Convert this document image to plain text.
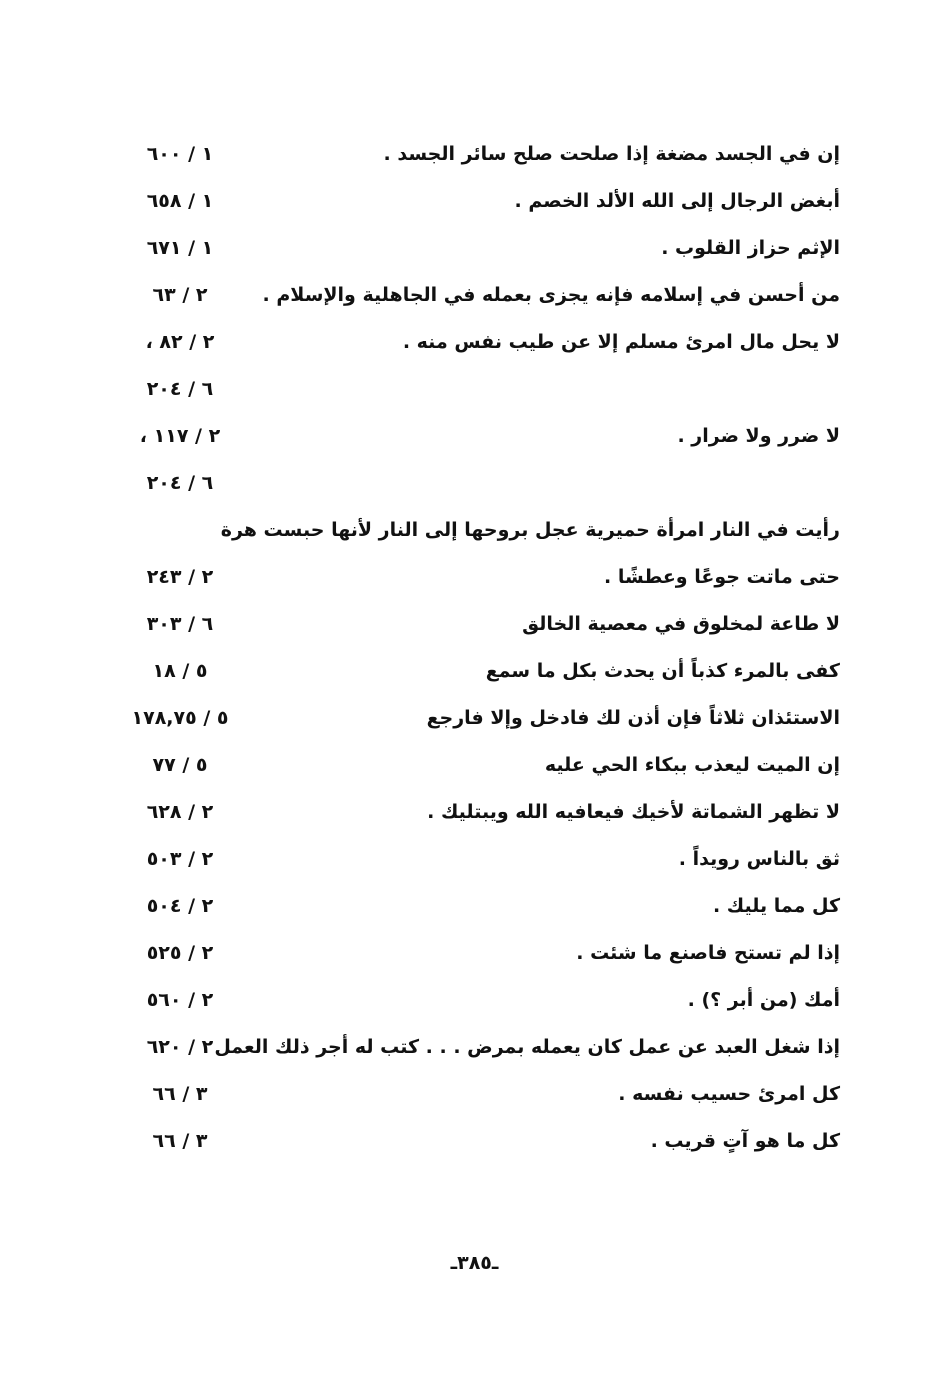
إن في الجسد مضغة إذا صلحت صلح سائر الجسد .
١ / ٦٠٠
أبغض الرجال إلى الله الألد الخصم .
١ / ٦٥٨
الإثم حزاز القلوب .
١ / ٦٧١
من أحسن في إسلامه فإنه يجزى بعمله في الجاهلية والإسلام .
٢ / ٦٣
لا يحل مال امرئ مسلم إلا عن طيب نفس منه .
٢ / ٨٢ ،
٦ / ٢٠٤
لا ضرر ولا ضرار .
٢ / ١١٧ ،
٦ / ٢٠٤
رأيت في النار امرأة حميرية عجل بروحها إلى النار لأنها حبست هرة
حتى ماتت جوعًا وعطشًا .
٢ / ٢٤٣
لا طاعة لمخلوق في معصية الخالق
٦ / ٣٠٣
كفى بالمرء كذباً أن يحدث بكل ما سمع
٥ / ١٨
الاستئذان ثلاثاً فإن أذن لك فادخل وإلا فارجع
٥ / ١٧٨,٧٥
إن الميت ليعذب ببكاء الحي عليه
٥ / ٧٧
لا تظهر الشماتة لأخيك فيعافيه الله ويبتليك .
٢ / ٦٢٨
ثق بالناس رويداً .
٢ / ٥٠٣
كل مما يليك .
٢ / ٥٠٤
إذا لم تستح فاصنع ما شئت .
٢ / ٥٢٥
أمك (من أبر ؟) .
٢ / ٥٦٠
إذا شغل العبد عن عمل كان يعمله بمرض . . . كتب له أجر ذلك العمل
٢ / ٦٢٠
كل امرئ حسيب نفسه .
٣ / ٦٦
كل ما هو آتٍ قريب .
٣ / ٦٦
ـ٣٨٥ـ
